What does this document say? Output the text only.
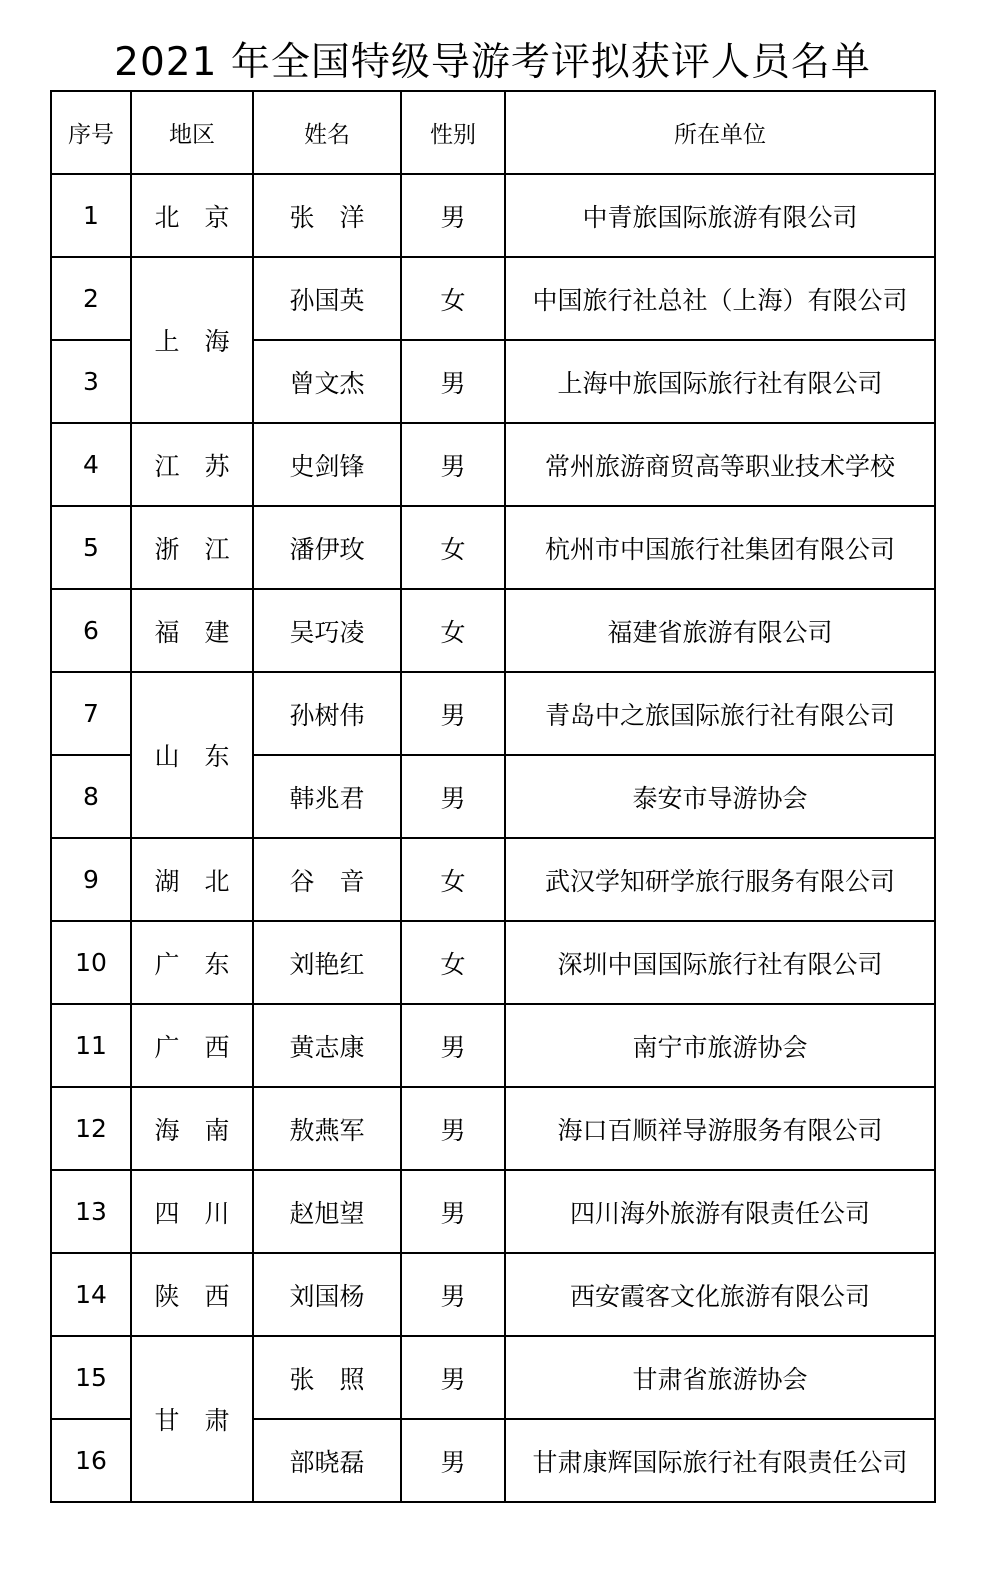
2021 年全国特级导游考评拟获评人员名单
序号	地区	姓名	性别	所在单位
1	北　京	张　洋	男	中青旅国际旅游有限公司
2	上　海	孙国英	女	中国旅行社总社（上海）有限公司
3		曾文杰	男	上海中旅国际旅行社有限公司
4	江　苏	史剑锋	男	常州旅游商贸高等职业技术学校
5	浙　江	潘伊玫	女	杭州市中国旅行社集团有限公司
6	福　建	吴巧凌	女	福建省旅游有限公司
7	山　东	孙树伟	男	青岛中之旅国际旅行社有限公司
8		韩兆君	男	泰安市导游协会
9	湖　北	谷　音	女	武汉学知研学旅行服务有限公司
10	广　东	刘艳红	女	深圳中国国际旅行社有限公司
11	广　西	黄志康	男	南宁市旅游协会
12	海　南	敖燕军	男	海口百顺祥导游服务有限公司
13	四　川	赵旭望	男	四川海外旅游有限责任公司
14	陕　西	刘国杨	男	西安霞客文化旅游有限公司
15	甘　肃	张　照	男	甘肃省旅游协会
16		部晓磊	男	甘肃康辉国际旅行社有限责任公司
